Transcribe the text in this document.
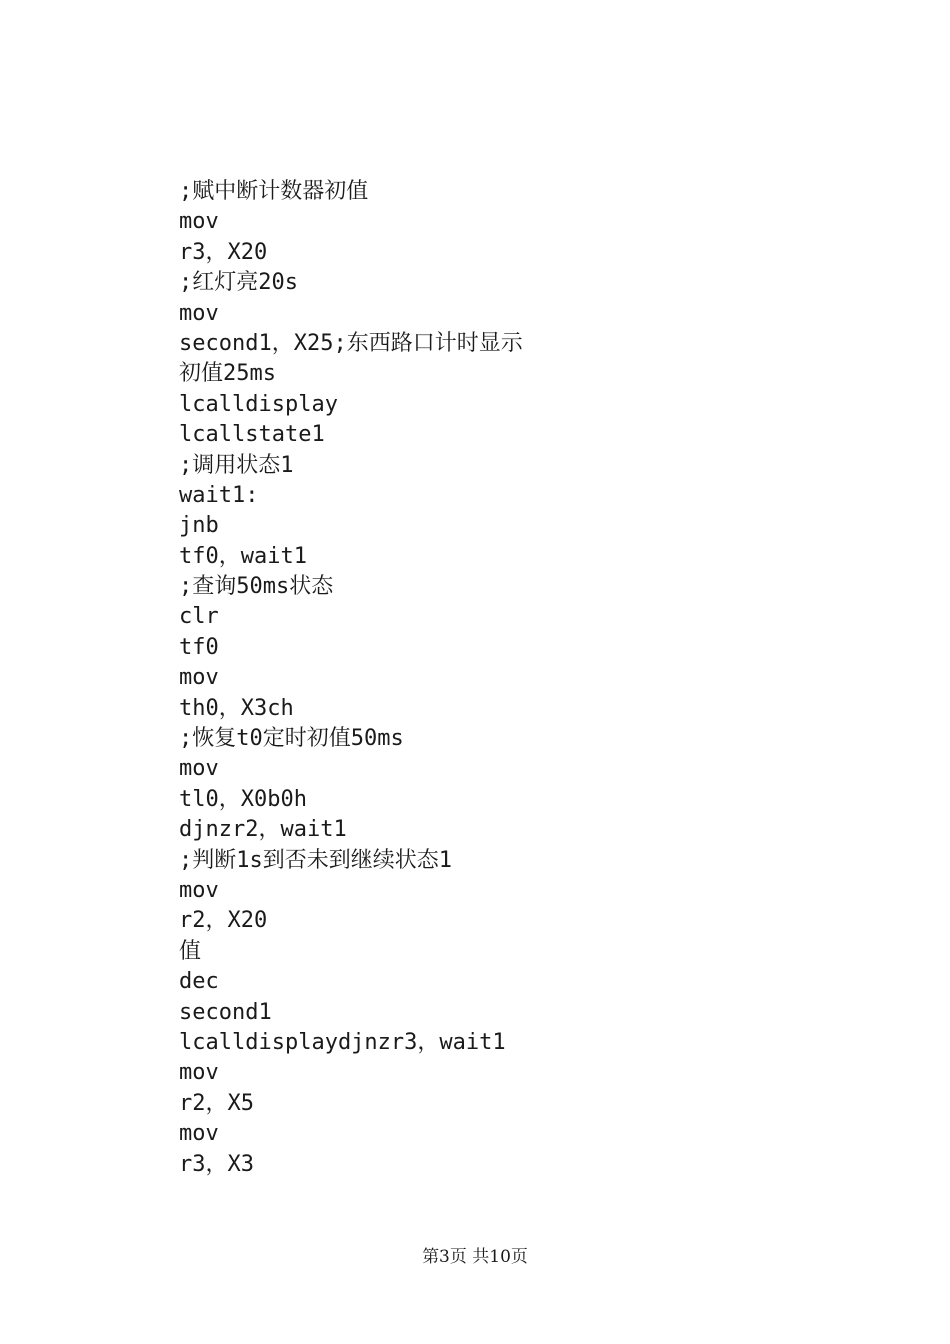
;赋中断计数器初值
mov
r3，X20
;红灯亮20s
mov
second1，X25;东西路口计时显示
初值25ms
lcalldisplay
lcallstate1
;调用状态1
wait1:
jnb
tf0，wait1
;查询50ms状态
clr
tf0
mov
th0，X3ch
;恢复t0定时初值50ms
mov
tl0，X0b0h
djnzr2，wait1
;判断1s到否未到继续状态1
mov
r2，X20
值
dec
second1
lcalldisplaydjnzr3，wait1
mov
r2，X5
mov
r3，X3
第3页 共10页
